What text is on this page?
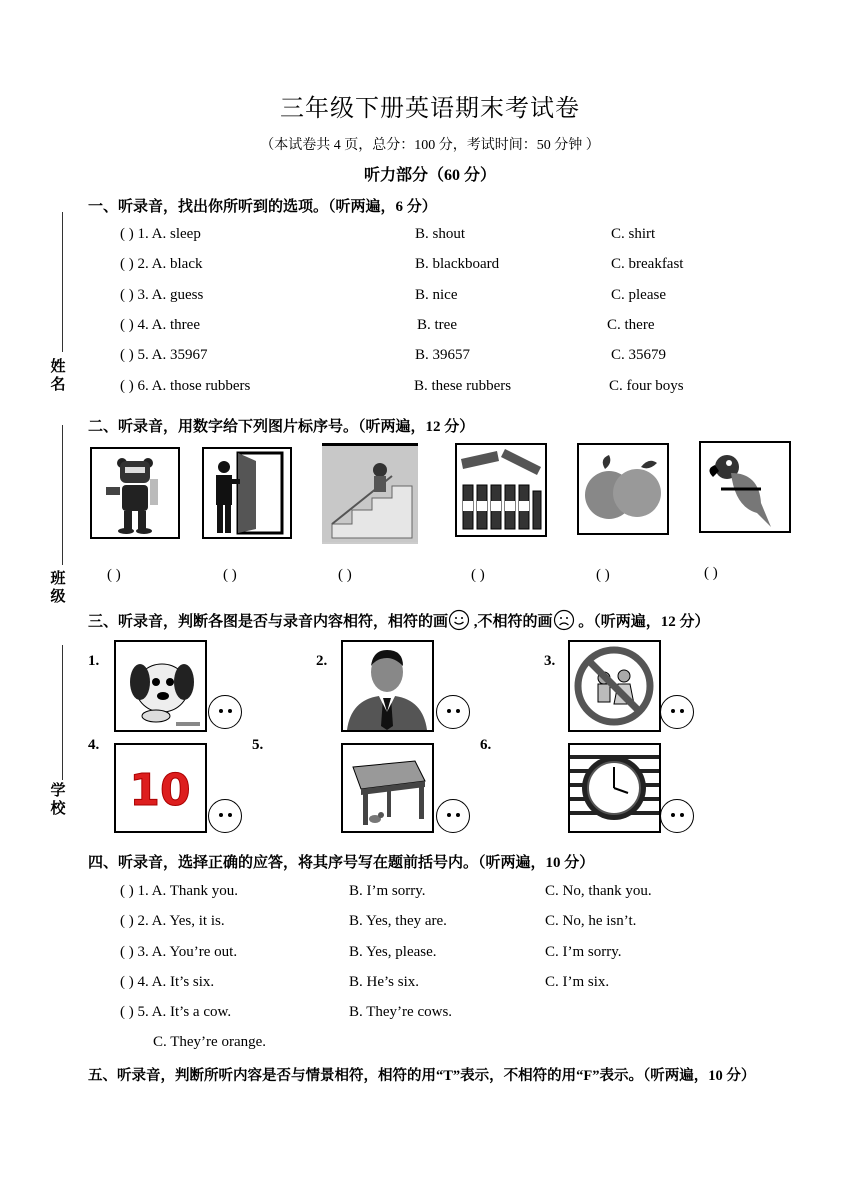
三年级下册英语期末考试卷
（本试卷共 4 页，总分：100 分，考试时间：50 分钟 ）
听力部分（60 分）
姓 名
班 级
学 校
一、听录音，找出你所听到的选项。（听两遍，6 分）
( ) 1. A. sleep	B. shout	C. shirt
( ) 2. A. black	B. blackboard	C. breakfast
( ) 3. A. guess	B. nice	C. please
( ) 4. A. three	B. tree	C. there
( ) 5. A. 35967	B. 39657	C. 35679
( ) 6. A. those rubbers	B. these rubbers	C. four boys
二、听录音，用数字给下列图片标序号。（听两遍，12 分）
( )	( )	( )	( )	( )	( )
三、听录音，判断各图是否与录音内容相符，相符的画 ,不相符的画 。（听两遍，12 分）
1.	2.	3.
4.
10
5.	6.
四、听录音，选择正确的应答，将其序号写在题前括号内。（听两遍，10 分）
( ) 1. A. Thank you.	B. I’m sorry.	C. No, thank you.
( ) 2. A. Yes, it is.	B. Yes, they are.	C. No, he isn’t.
( ) 3. A. You’re out.	B. Yes, please.	C. I’m sorry.
( ) 4. A. It’s six.	B. He’s six.	C. I’m six.
( ) 5. A. It’s a cow.	B. They’re cows.
C. They’re orange.
五、听录音，判断所听内容是否与情景相符，相符的用“T”表示，不相符的用“F”表示。（听两遍，10 分）
